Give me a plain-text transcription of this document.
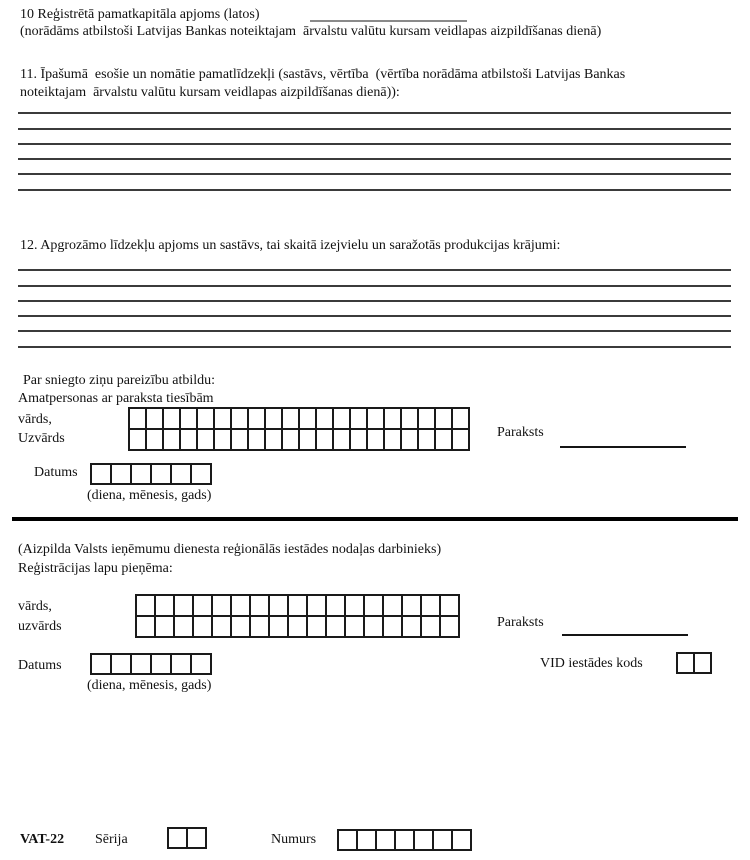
10 Reģistrētā pamatkapitāla apjoms (latos)
(norādāms atbilstoši Latvijas Bankas noteiktajam  ārvalstu valūtu kursam veidlapas aizpildīšanas dienā)
11. Īpašumā  esošie un nomātie pamatlīdzekļi (sastāvs, vērtība  (vērtība norādāma atbilstoši Latvijas Bankas
noteiktajam  ārvalstu valūtu kursam veidlapas aizpildīšanas dienā)):
12. Apgrozāmo līdzekļu apjoms un sastāvs, tai skaitā izejvielu un saražotās produkcijas krājumi:
Par sniegto ziņu pareizību atbildu:
Amatpersonas ar paraksta tiesībām
vārds,
Uzvārds	Paraksts
Datums
(diena, mēnesis, gads)
(Aizpilda Valsts ieņēmumu dienesta reģionālās iestādes nodaļas darbinieks)
Reģistrācijas lapu pieņēma:
vārds,
uzvārds	Paraksts
Datums
(diena, mēnesis, gads)
VID iestādes kods
VAT-22 Sērija	Numurs
